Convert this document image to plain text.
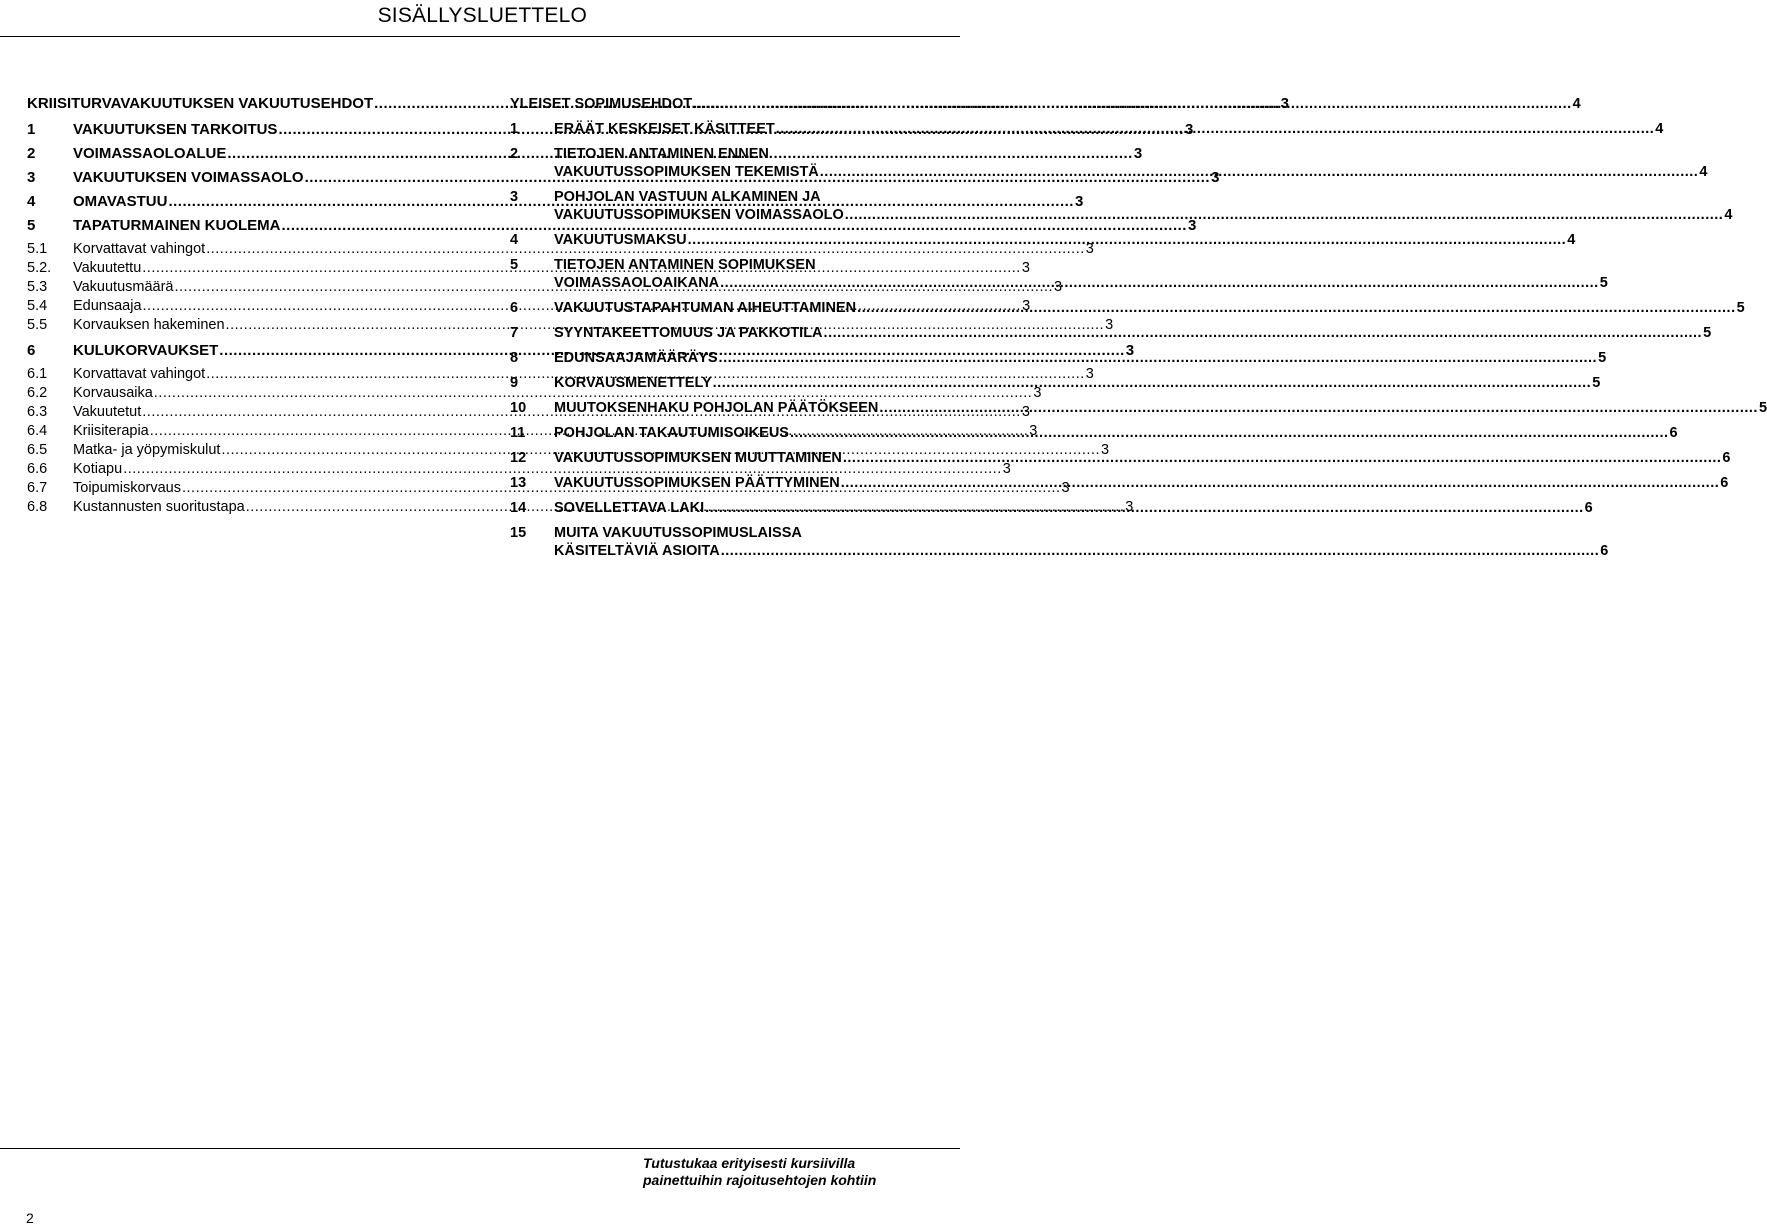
SISÄLLYSLUETTELO
KRIISITURVAVAKUUTUKSEN VAKUUTUSEHDOT .....	3
1	VAKUUTUKSEN TARKOITUS .....	3
2	VOIMASSAOLOALUE .....	3
3	VAKUUTUKSEN VOIMASSAOLO .....	3
4	OMAVASTUU .....	3
5	TAPATURMAINEN KUOLEMA .....	3
5.1	Korvattavat vahingot .....	3
5.2.	Vakuutettu .....	3
5.3	Vakuutusmäärä .....	3
5.4	Edunsaaja .....	3
5.5	Korvauksen hakeminen .....	3
6	KULUKORVAUKSET .....	3
6.1	Korvattavat vahingot .....	3
6.2	Korvausaika .....	3
6.3	Vakuutetut .....	3
6.4	Kriisiterapia .....	3
6.5	Matka- ja yöpymiskulut .....	3
6.6	Kotiapu .....	3
6.7	Toipumiskorvaus .....	3
6.8	Kustannusten suoritustapa .....	3
YLEISET SOPIMUSEHDOT .....	4
1	ERÄÄT KESKEISET KÄSITTEET .....	4
2	TIETOJEN ANTAMINEN ENNEN
VAKUUTUSSOPIMUKSEN TEKEMISTÄ .....	4
3	POHJOLAN VASTUUN ALKAMINEN JA
VAKUUTUSSOPIMUKSEN VOIMASSAOLO .....	4
4	VAKUUTUSMAKSU .....	4
5	TIETOJEN ANTAMINEN SOPIMUKSEN
VOIMASSAOLOAIKANA .....	5
6	VAKUUTUSTAPAHTUMAN AIHEUTTAMINEN .....	5
7	SYYNTAKEETTOMUUS JA PAKKOTILA .....	5
8	EDUNSAAJAMÄÄRÄYS .....	5
9	KORVAUSMENETTELY .....	5
10	MUUTOKSENHAKU POHJOLAN PÄÄTÖKSEEN .....	5
11	POHJOLAN TAKAUTUMISOIKEUS .....	6
12	VAKUUTUSSOPIMUKSEN MUUTTAMINEN .....	6
13	VAKUUTUSSOPIMUKSEN PÄÄTTYMINEN .....	6
14	SOVELLETTAVA LAKI .....	6
15	MUITA VAKUUTUSSOPIMUSLAISSA
KÄSITELTÄVIÄ ASIOITA .....	6
Tutustukaa erityisesti kursiivilla
painettuihin rajoitusehtojen kohtiin
2
